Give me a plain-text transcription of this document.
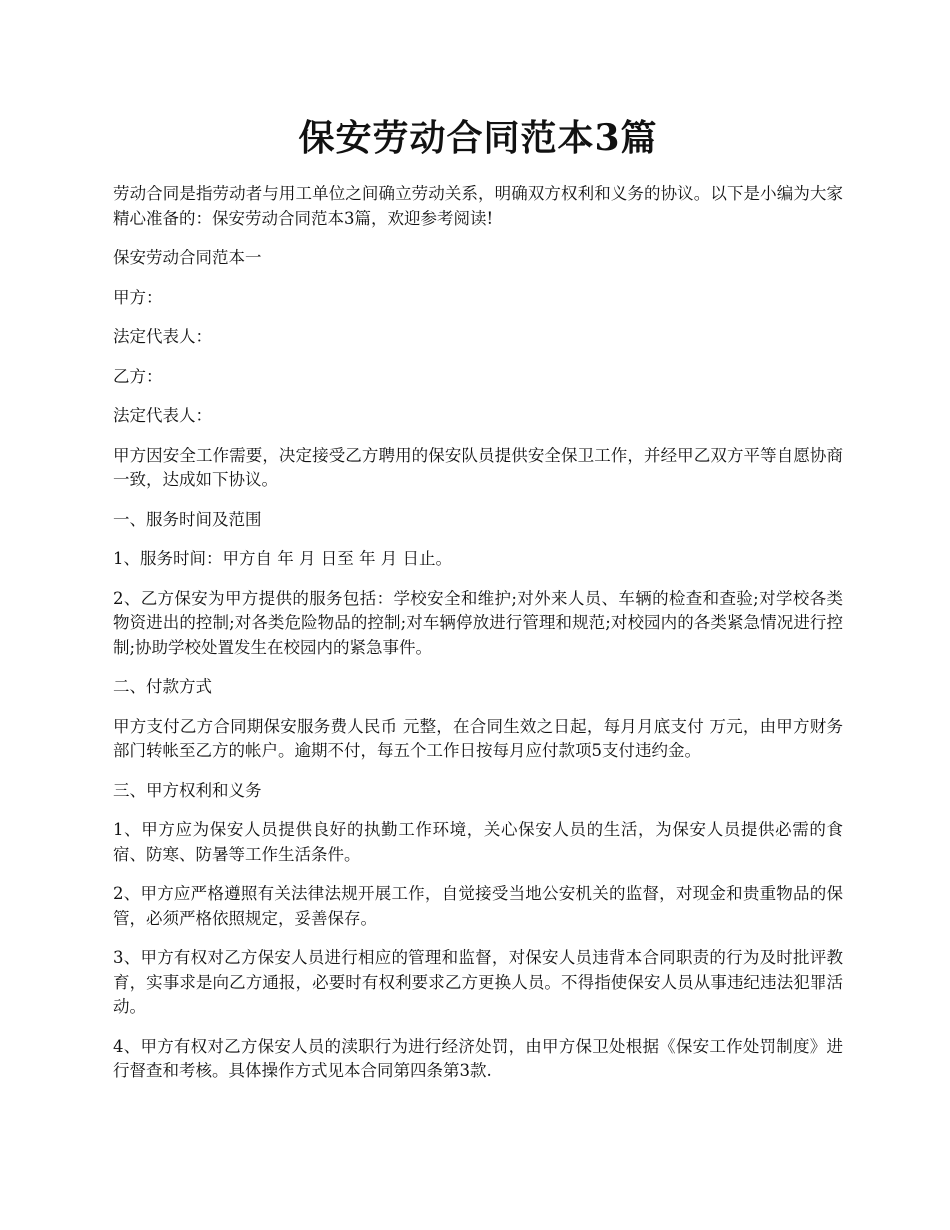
保安劳动合同范本3篇

劳动合同是指劳动者与用工单位之间确立劳动关系，明确双方权利和义务的协议。以下是小编为大家精心准备的：保安劳动合同范本3篇，欢迎参考阅读!

保安劳动合同范本一

甲方：

法定代表人：

乙方：

法定代表人：

甲方因安全工作需要，决定接受乙方聘用的保安队员提供安全保卫工作，并经甲乙双方平等自愿协商一致，达成如下协议。

一、服务时间及范围

1、服务时间：甲方自 年 月 日至 年 月 日止。

2、乙方保安为甲方提供的服务包括：学校安全和维护;对外来人员、车辆的检查和查验;对学校各类物资进出的控制;对各类危险物品的控制;对车辆停放进行管理和规范;对校园内的各类紧急情况进行控制;协助学校处置发生在校园内的紧急事件。

二、付款方式

甲方支付乙方合同期保安服务费人民币 元整，在合同生效之日起，每月月底支付 万元，由甲方财务部门转帐至乙方的帐户。逾期不付，每五个工作日按每月应付款项5支付违约金。

三、甲方权利和义务

1、甲方应为保安人员提供良好的执勤工作环境，关心保安人员的生活，为保安人员提供必需的食宿、防寒、防暑等工作生活条件。

2、甲方应严格遵照有关法律法规开展工作，自觉接受当地公安机关的监督，对现金和贵重物品的保管，必须严格依照规定，妥善保存。

3、甲方有权对乙方保安人员进行相应的管理和监督，对保安人员违背本合同职责的行为及时批评教育，实事求是向乙方通报，必要时有权利要求乙方更换人员。不得指使保安人员从事违纪违法犯罪活动。

4、甲方有权对乙方保安人员的渎职行为进行经济处罚，由甲方保卫处根据《保安工作处罚制度》进行督查和考核。具体操作方式见本合同第四条第3款.
